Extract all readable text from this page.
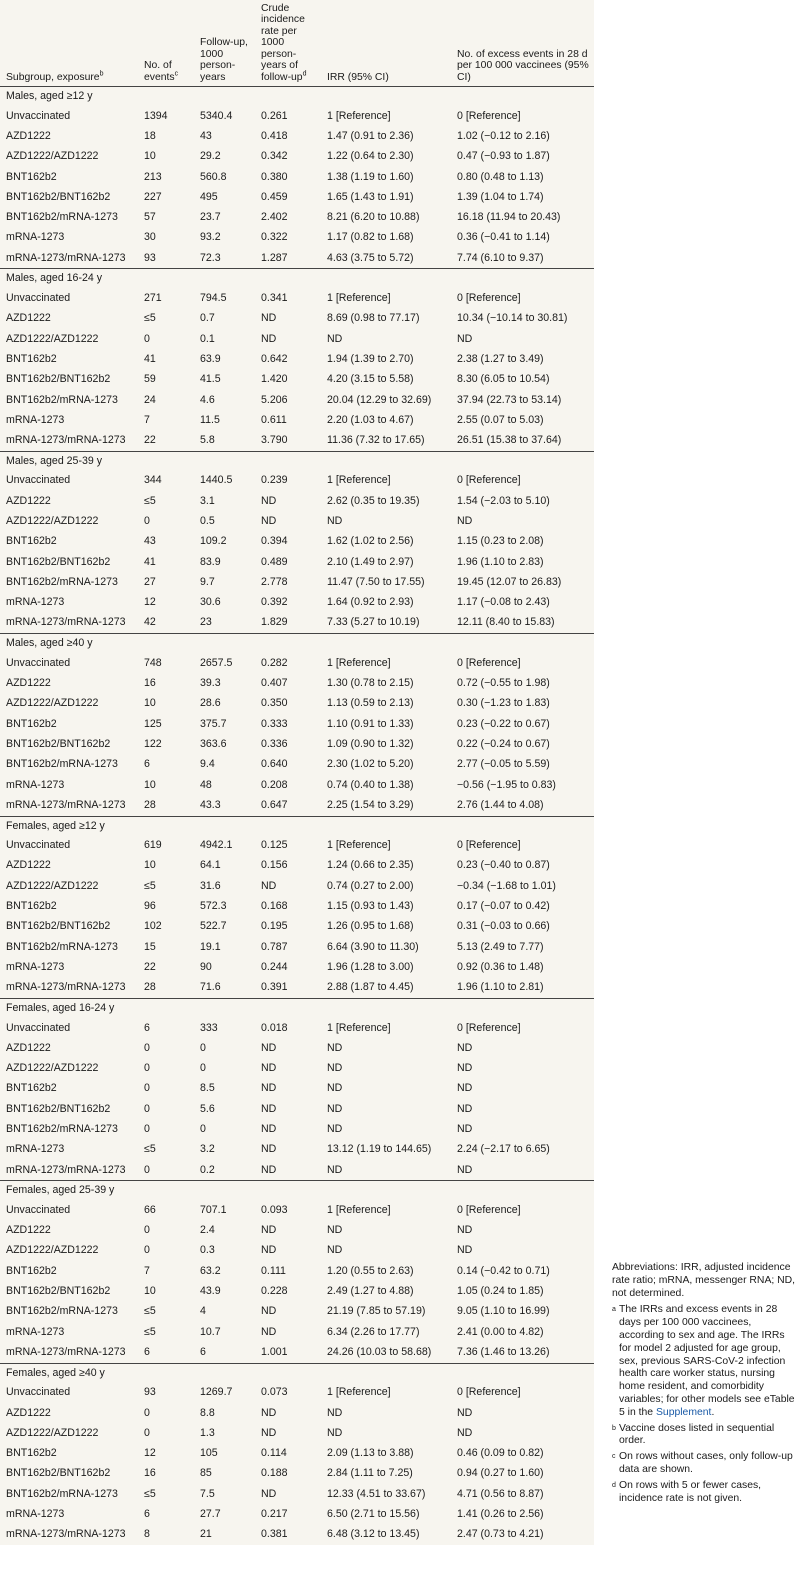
Subgroup, exposure$^b$	No. of events$^c$	Follow-up, 1000 person-years	Crude incidence rate per 1000 person-years of follow-$up^d$	IRR (95% CI)	No. of excess events in 28 d per 100 000 vaccinees (95% CI)
Males, aged ≥12 y					
Unvaccinated	1394	5340.4	0.261	1 [Reference]	0 [Reference]
AZD1222	18	43	0.418	1.47 (0.91 to 2.36)	1.02 (−0.12 to 2.16)
AZD1222/AZD1222	10	29.2	0.342	1.22 (0.64 to 2.30)	0.47 (−0.93 to 1.87)
BNT162b2	213	560.8	0.380	1.38 (1.19 to 1.60)	0.80 (0.48 to 1.13)
BNT162b2/BNT162b2	227	495	0.459	1.65 (1.43 to 1.91)	1.39 (1.04 to 1.74)
BNT162b2/mRNA-1273	57	23.7	2.402	8.21 (6.20 to 10.88)	16.18 (11.94 to 20.43)
mRNA-1273	30	93.2	0.322	1.17 (0.82 to 1.68)	0.36 (−0.41 to 1.14)
mRNA-1273/mRNA-1273	93	72.3	1.287	4.63 (3.75 to 5.72)	7.74 (6.10 to 9.37)
Males, aged 16-24 y					
Unvaccinated	271	794.5	0.341	1 [Reference]	0 [Reference]
AZD1222	≤5	0.7	ND	8.69 (0.98 to 77.17)	10.34 (−10.14 to 30.81)
AZD1222/AZD1222	0	0.1	ND	ND	ND
BNT162b2	41	63.9	0.642	1.94 (1.39 to 2.70)	2.38 (1.27 to 3.49)
BNT162b2/BNT162b2	59	41.5	1.420	4.20 (3.15 to 5.58)	8.30 (6.05 to 10.54)
BNT162b2/mRNA-1273	24	4.6	5.206	20.04 (12.29 to 32.69)	37.94 (22.73 to 53.14)
mRNA-1273	7	11.5	0.611	2.20 (1.03 to 4.67)	2.55 (0.07 to 5.03)
mRNA-1273/mRNA-1273	22	5.8	3.790	11.36 (7.32 to 17.65)	26.51 (15.38 to 37.64)
Males, aged 25-39 y					
Unvaccinated	344	1440.5	0.239	1 [Reference]	0 [Reference]
AZD1222	≤5	3.1	ND	2.62 (0.35 to 19.35)	1.54 (−2.03 to 5.10)
AZD1222/AZD1222	0	0.5	ND	ND	ND
BNT162b2	43	109.2	0.394	1.62 (1.02 to 2.56)	1.15 (0.23 to 2.08)
BNT162b2/BNT162b2	41	83.9	0.489	2.10 (1.49 to 2.97)	1.96 (1.10 to 2.83)
BNT162b2/mRNA-1273	27	9.7	2.778	11.47 (7.50 to 17.55)	19.45 (12.07 to 26.83)
mRNA-1273	12	30.6	0.392	1.64 (0.92 to 2.93)	1.17 (−0.08 to 2.43)
mRNA-1273/mRNA-1273	42	23	1.829	7.33 (5.27 to 10.19)	12.11 (8.40 to 15.83)
Males, aged ≥40 y					
Unvaccinated	748	2657.5	0.282	1 [Reference]	0 [Reference]
AZD1222	16	39.3	0.407	1.30 (0.78 to 2.15)	0.72 (−0.55 to 1.98)
AZD1222/AZD1222	10	28.6	0.350	1.13 (0.59 to 2.13)	0.30 (−1.23 to 1.83)
BNT162b2	125	375.7	0.333	1.10 (0.91 to 1.33)	0.23 (−0.22 to 0.67)
BNT162b2/BNT162b2	122	363.6	0.336	1.09 (0.90 to 1.32)	0.22 (−0.24 to 0.67)
BNT162b2/mRNA-1273	6	9.4	0.640	2.30 (1.02 to 5.20)	2.77 (−0.05 to 5.59)
mRNA-1273	10	48	0.208	0.74 (0.40 to 1.38)	−0.56 (−1.95 to 0.83)
mRNA-1273/mRNA-1273	28	43.3	0.647	2.25 (1.54 to 3.29)	2.76 (1.44 to 4.08)
Females, aged ≥12 y					
Unvaccinated	619	4942.1	0.125	1 [Reference]	0 [Reference]
AZD1222	10	64.1	0.156	1.24 (0.66 to 2.35)	0.23 (−0.40 to 0.87)
AZD1222/AZD1222	≤5	31.6	ND	0.74 (0.27 to 2.00)	−0.34 (−1.68 to 1.01)
BNT162b2	96	572.3	0.168	1.15 (0.93 to 1.43)	0.17 (−0.07 to 0.42)
BNT162b2/BNT162b2	102	522.7	0.195	1.26 (0.95 to 1.68)	0.31 (−0.03 to 0.66)
BNT162b2/mRNA-1273	15	19.1	0.787	6.64 (3.90 to 11.30)	5.13 (2.49 to 7.77)
mRNA-1273	22	90	0.244	1.96 (1.28 to 3.00)	0.92 (0.36 to 1.48)
mRNA-1273/mRNA-1273	28	71.6	0.391	2.88 (1.87 to 4.45)	1.96 (1.10 to 2.81)
Females, aged 16-24 y					
Unvaccinated	6	333	0.018	1 [Reference]	0 [Reference]
AZD1222	0	0	ND	ND	ND
AZD1222/AZD1222	0	0	ND	ND	ND
BNT162b2	0	8.5	ND	ND	ND
BNT162b2/BNT162b2	0	5.6	ND	ND	ND
BNT162b2/mRNA-1273	0	0	ND	ND	ND
mRNA-1273	≤5	3.2	ND	13.12 (1.19 to 144.65)	2.24 (−2.17 to 6.65)
mRNA-1273/mRNA-1273	0	0.2	ND	ND	ND
Females, aged 25-39 y					
Unvaccinated	66	707.1	0.093	1 [Reference]	0 [Reference]
AZD1222	0	2.4	ND	ND	ND
AZD1222/AZD1222	0	0.3	ND	ND	ND
BNT162b2	7	63.2	0.111	1.20 (0.55 to 2.63)	0.14 (−0.42 to 0.71)
BNT162b2/BNT162b2	10	43.9	0.228	2.49 (1.27 to 4.88)	1.05 (0.24 to 1.85)
BNT162b2/mRNA-1273	≤5	4	ND	21.19 (7.85 to 57.19)	9.05 (1.10 to 16.99)
mRNA-1273	≤5	10.7	ND	6.34 (2.26 to 17.77)	2.41 (0.00 to 4.82)
mRNA-1273/mRNA-1273	6	6	1.001	24.26 (10.03 to 58.68)	7.36 (1.46 to 13.26)
Females, aged ≥40 y					
Unvaccinated	93	1269.7	0.073	1 [Reference]	0 [Reference]
AZD1222	0	8.8	ND	ND	ND
AZD1222/AZD1222	0	1.3	ND	ND	ND
BNT162b2	12	105	0.114	2.09 (1.13 to 3.88)	0.46 (0.09 to 0.82)
BNT162b2/BNT162b2	16	85	0.188	2.84 (1.11 to 7.25)	0.94 (0.27 to 1.60)
BNT162b2/mRNA-1273	≤5	7.5	ND	12.33 (4.51 to 33.67)	4.71 (0.56 to 8.87)
mRNA-1273	6	27.7	0.217	6.50 (2.71 to 15.56)	1.41 (0.26 to 2.56)
mRNA-1273/mRNA-1273	8	21	0.381	6.48 (3.12 to 13.45)	2.47 (0.73 to 4.21)

Abbreviations: IRR, adjusted incidence rate ratio; mRNA, messenger RNA; ND, not determined.

a The IRRs and excess events in 28 days per 100 000 vaccinees, according to sex and age. The IRRs for model 2 adjusted for age group, sex, previous SARS-CoV-2 infection health care worker status, nursing home resident, and comorbidity variables; for other models see eTable 5 in the Supplement.

b Vaccine doses listed in sequential order.

c On rows without cases, only follow-up data are shown.

d On rows with 5 or fewer cases, incidence rate is not given.
